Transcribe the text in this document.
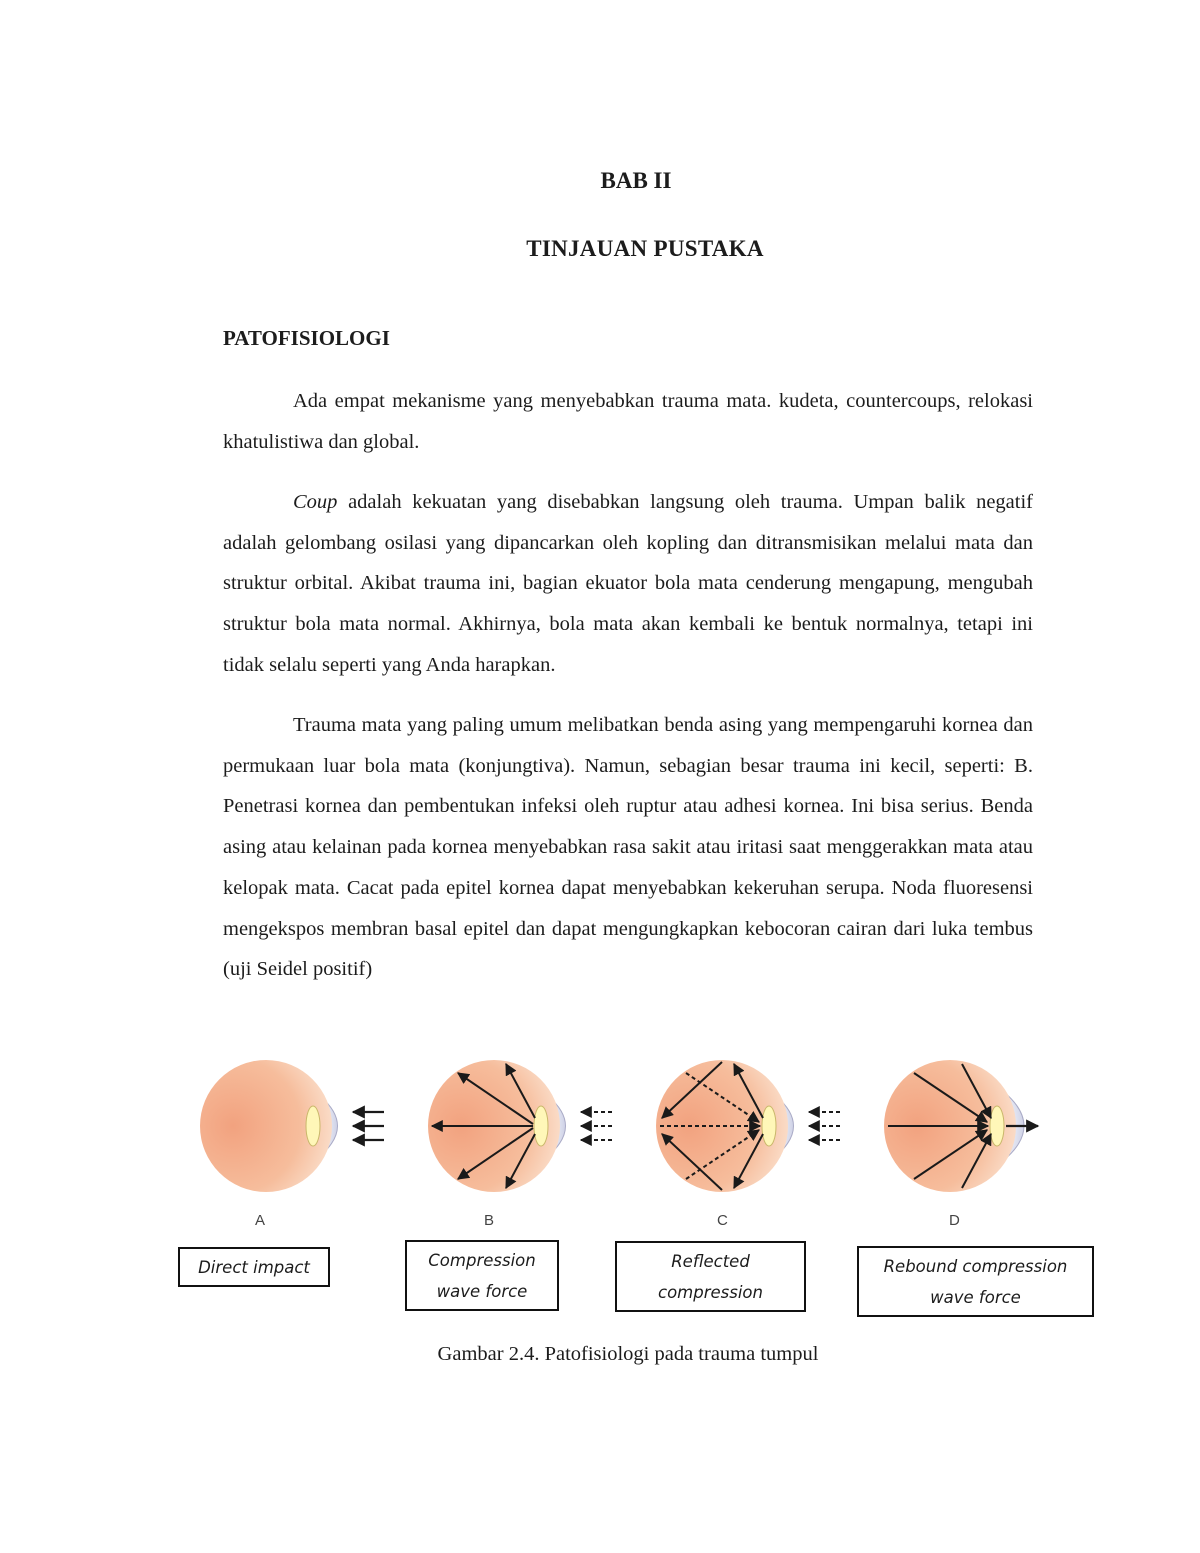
BAB II
TINJAUAN PUSTAKA
PATOFISIOLOGI

Ada empat mekanisme yang menyebabkan trauma mata. kudeta, countercoups, relokasi khatulistiwa dan global.

Coup adalah kekuatan yang disebabkan langsung oleh trauma. Umpan balik negatif adalah gelombang osilasi yang dipancarkan oleh kopling dan ditransmisikan melalui mata dan struktur orbital. Akibat trauma ini, bagian ekuator bola mata cenderung mengapung, mengubah struktur bola mata normal. Akhirnya, bola mata akan kembali ke bentuk normalnya, tetapi ini tidak selalu seperti yang Anda harapkan.

Trauma mata yang paling umum melibatkan benda asing yang mempengaruhi kornea dan permukaan luar bola mata (konjungtiva). Namun, sebagian besar trauma ini kecil, seperti: B. Penetrasi kornea dan pembentukan infeksi oleh ruptur atau adhesi kornea. Ini bisa serius. Benda asing atau kelainan pada kornea menyebabkan rasa sakit atau iritasi saat menggerakkan mata atau kelopak mata. Cacat pada epitel kornea dapat menyebabkan kekeruhan serupa. Noda fluoresensi mengekspos membran basal epitel dan dapat mengungkapkan kebocoran cairan dari luka tembus (uji Seidel positif)

A	B	C	D
Direct impact	Compression
wave force
Reflected
compression
Rebound compression
wave force
Gambar 2.4. Patofisiologi pada trauma tumpul
